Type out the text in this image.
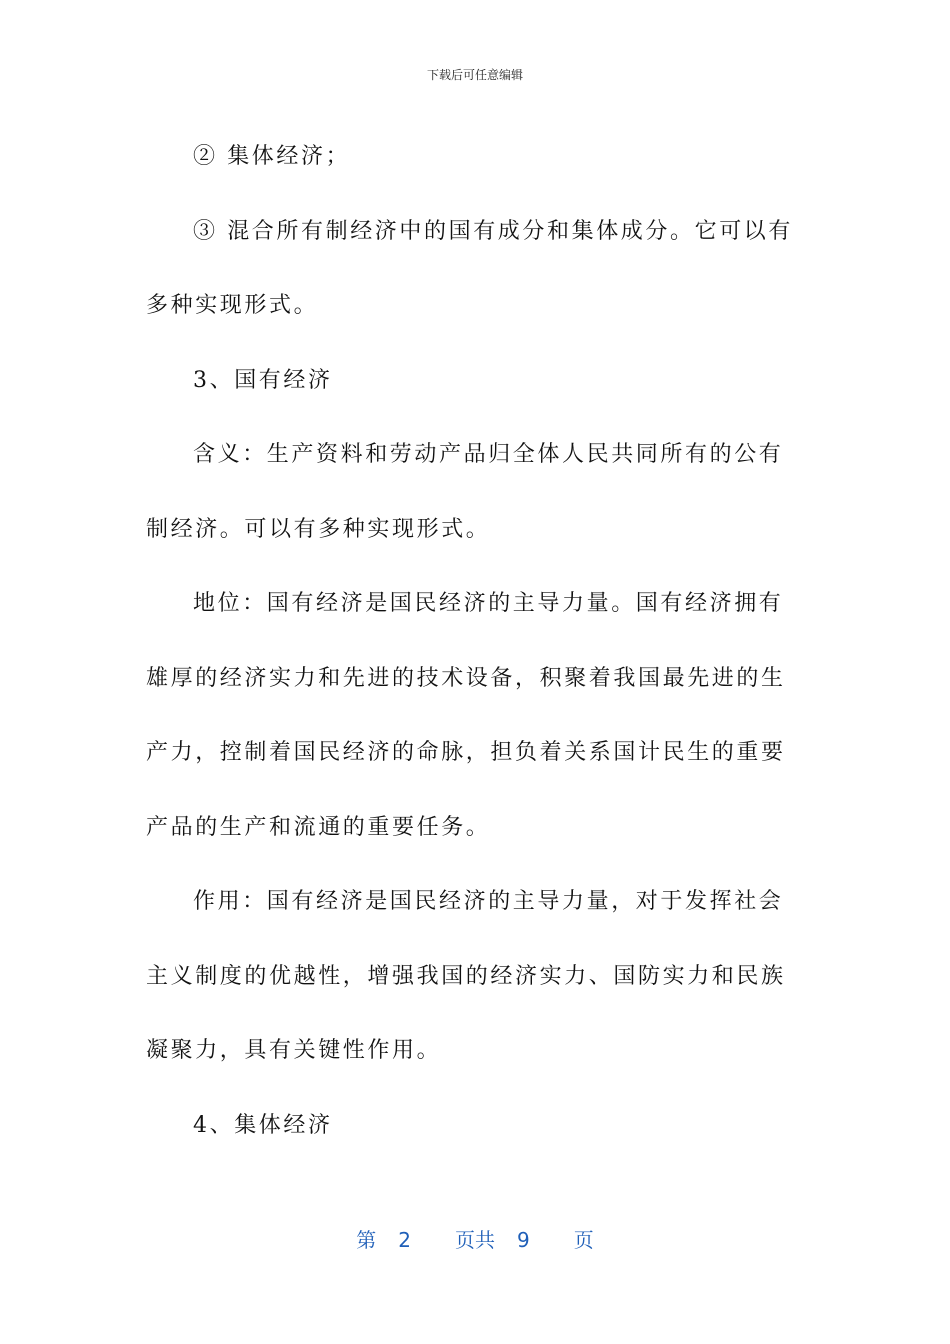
下载后可任意编辑

② 集体经济；

③ 混合所有制经济中的国有成分和集体成分。它可以有多种实现形式。

3、国有经济

含义：生产资料和劳动产品归全体人民共同所有的公有制经济。可以有多种实现形式。

地位：国有经济是国民经济的主导力量。国有经济拥有雄厚的经济实力和先进的技术设备，积聚着我国最先进的生产力，控制着国民经济的命脉，担负着关系国计民生的重要产品的生产和流通的重要任务。

作用：国有经济是国民经济的主导力量，对于发挥社会主义制度的优越性，增强我国的经济实力、国防实力和民族凝聚力，具有关键性作用。

4、集体经济

第 2 页共 9 页
